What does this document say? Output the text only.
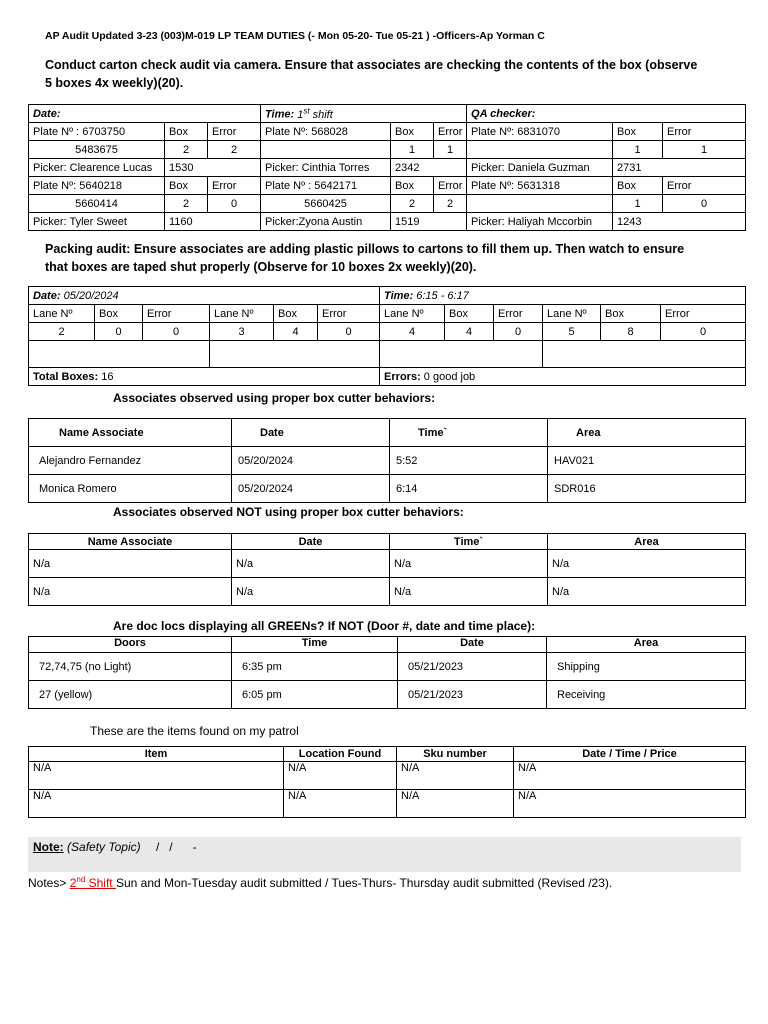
AP Audit Updated 3-23 (003)M-019 LP TEAM DUTIES (- Mon 05-20- Tue 05-21 ) -Officers-Ap Yorman C
Conduct carton check audit via camera. Ensure that associates are checking the contents of the box (observe 5 boxes 4x weekly)(20).
Date:			Time: 1st shift			QA checker:		
Plate Nº : 6703750	Box	Error	Plate Nº: 568028	Box	Error	Plate Nº: 6831070	Box	Error
5483675	2	2		1	1		1	1
Picker: Clearence Lucas	1530		Picker: Cinthia Torres	2342		Picker: Daniela Guzman	2731	
Plate Nº: 5640218	Box	Error	Plate Nº : 5642171	Box	Error	Plate Nº: 5631318	Box	Error
5660414	2	0	5660425	2	2		1	0
Picker: Tyler Sweet	1160		Picker:Zyona Austin	1519		Picker: Haliyah Mccorbin	1243	
Packing audit: Ensure associates are adding plastic pillows to cartons to fill them up. Then watch to ensure
that boxes are taped shut properly (Observe for 10 boxes 2x weekly)(20).
Date: 05/20/2024						Time: 6:15 - 6:17					
Lane Nº	Box	Error	Lane Nº	Box	Error	Lane Nº	Box	Error	Lane Nº	Box	Error
2	0	0	3	4	0	4	4	0	5	8	0

Total Boxes: 16						Errors: 0 good job					
Associates observed using proper box cutter behaviors:
Name Associate	Date	Time`	Area
Alejandro Fernandez	05/20/2024	5:52	HAV021
Monica Romero	05/20/2024	6:14	SDR016
Associates observed NOT using proper box cutter behaviors:
Name Associate	Date	Time`	Area
N/a	N/a	N/a	N/a
N/a	N/a	N/a	N/a
Are doc locs displaying all GREENs? If NOT (Door #, date and time place):
Doors	Time	Date	Area
72,74,75 (no Light)	6:35 pm	05/21/2023	Shipping
27 (yellow)	6:05 pm	05/21/2023	Receiving
These are the items found on my patrol
Item	Location Found	Sku number	Date / Time / Price
N/A	N/A	N/A	N/A
N/A	N/A	N/A	N/A
Note: (Safety Topic) /   /      -
Notes> 2nd Shift Sun and Mon-Tuesday audit submitted / Tues-Thurs- Thursday audit submitted (Revised /23).
